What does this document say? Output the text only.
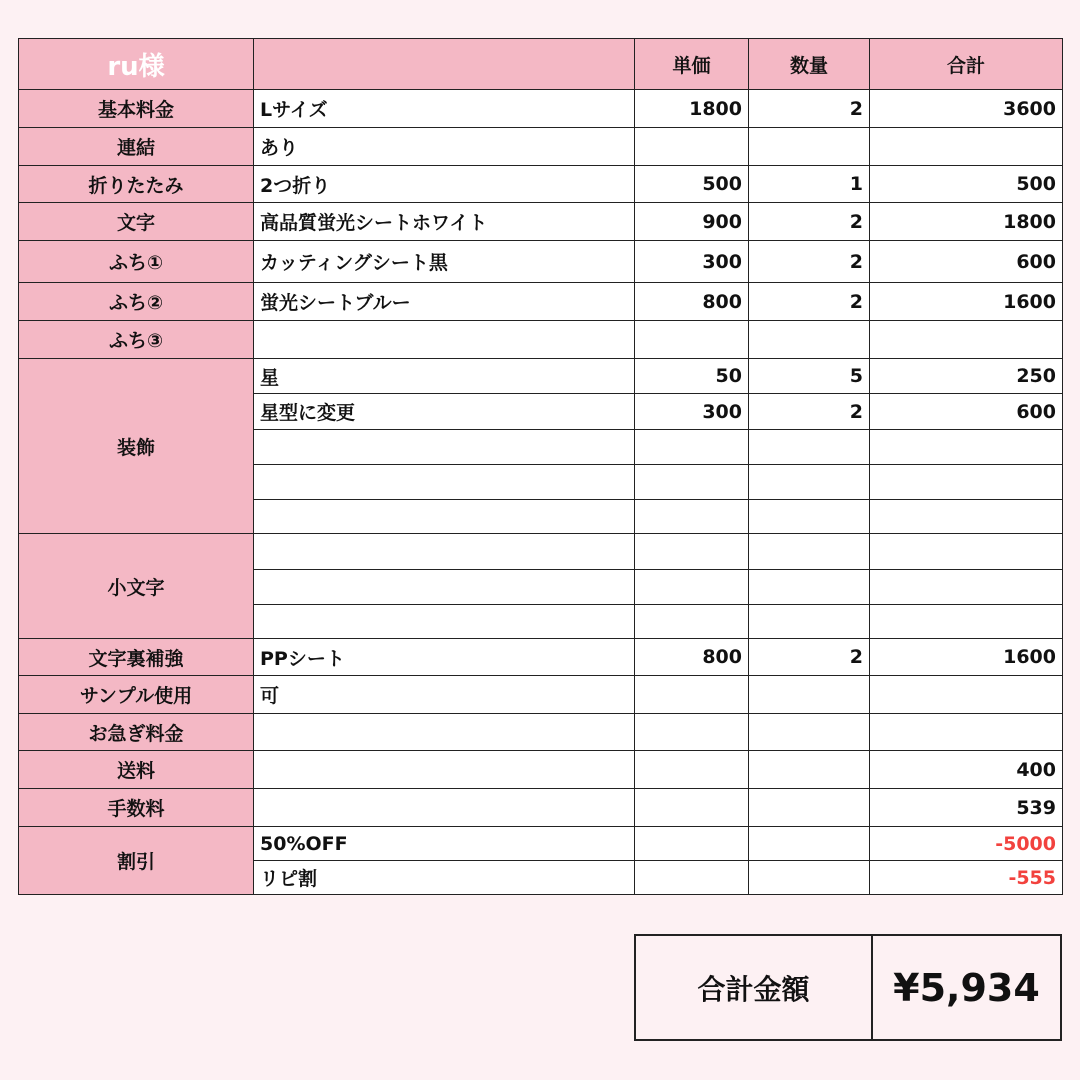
ru様		単価	数量	合計
基本料金	Lサイズ	1800	2	3600
連結	あり			
折りたたみ	2つ折り	500	1	500
文字	高品質蛍光シートホワイト	900	2	1800
ふち①	カッティングシート黒	300	2	600
ふち②	蛍光シートブルー	800	2	1600
ふち③				
装飾	星	50	5	250
	星型に変更	300	2	600

小文字				

文字裏補強	PPシート	800	2	1600
サンプル使用	可			
お急ぎ料金				
送料				400
手数料				539
割引	50%OFF			-5000
	リピ割			-555
合計金額	¥5,934
